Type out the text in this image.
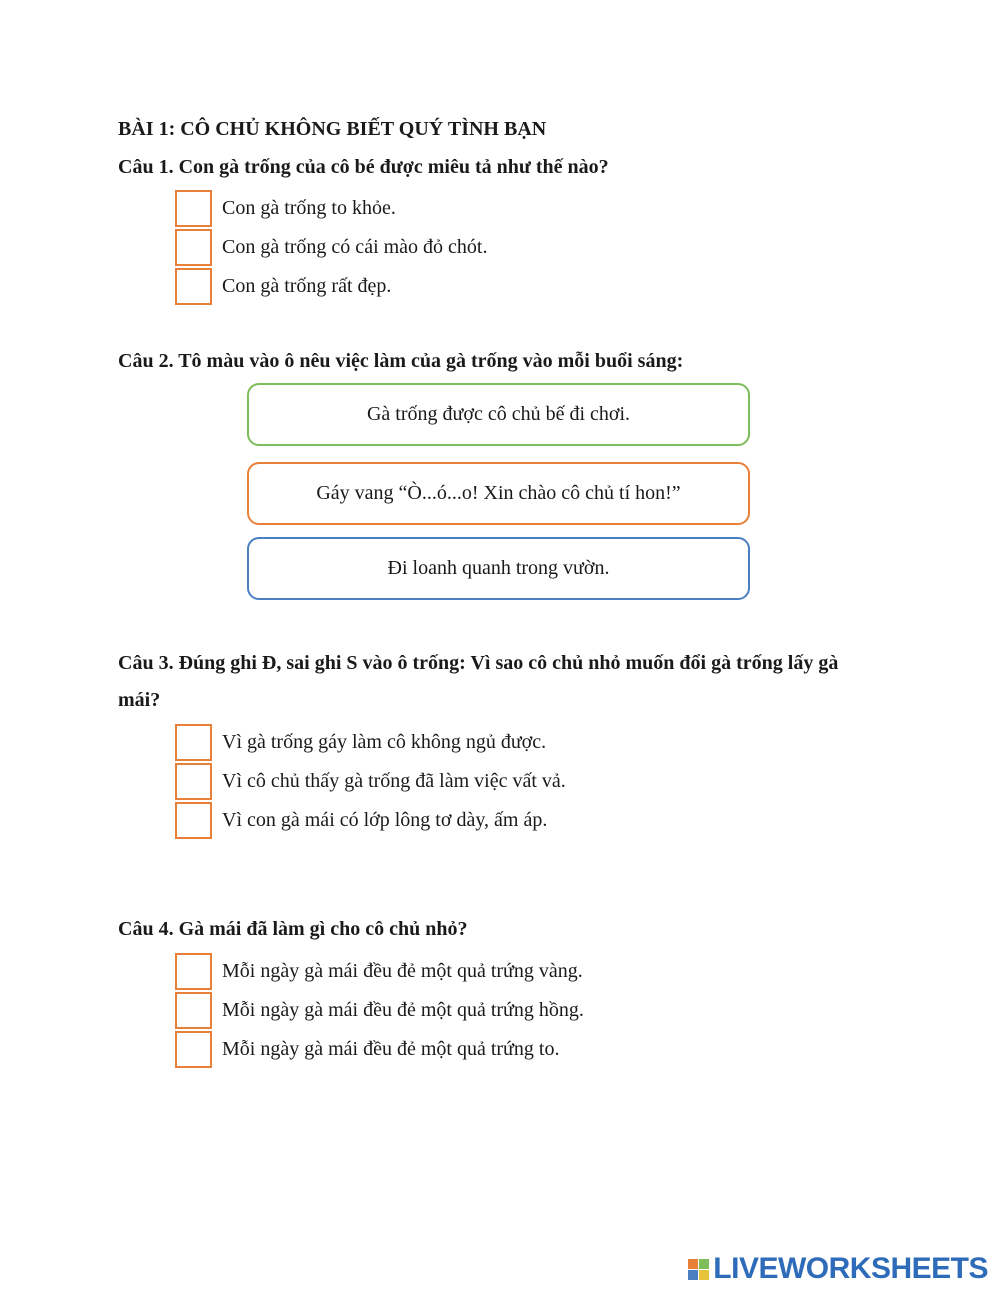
BÀI 1: CÔ CHỦ KHÔNG BIẾT QUÝ TÌNH BẠN
Câu 1. Con gà trống của cô bé được miêu tả như thế nào?
Con gà trống to khỏe.
Con gà trống có cái mào đỏ chót.
Con gà trống rất đẹp.
Câu 2. Tô màu vào ô nêu việc làm của gà trống vào mỗi buổi sáng:
Gà trống được cô chủ bế đi chơi.
Gáy vang “Ò...ó...o! Xin chào cô chủ tí hon!”
Đi loanh quanh trong vườn.
Câu 3. Đúng ghi Đ, sai ghi S vào ô trống: Vì sao cô chủ nhỏ muốn đổi gà trống lấy gà mái?
Vì gà trống gáy làm cô không ngủ được.
Vì cô chủ thấy gà trống đã làm việc vất vả.
Vì con gà mái có lớp lông tơ dày, ấm áp.
Câu 4. Gà mái đã làm gì cho cô chủ nhỏ?
Mỗi ngày gà mái đều đẻ một quả trứng vàng.
Mỗi ngày gà mái đều đẻ một quả trứng hồng.
Mỗi ngày gà mái đều đẻ một quả trứng to.
LIVEWORKSHEETS
